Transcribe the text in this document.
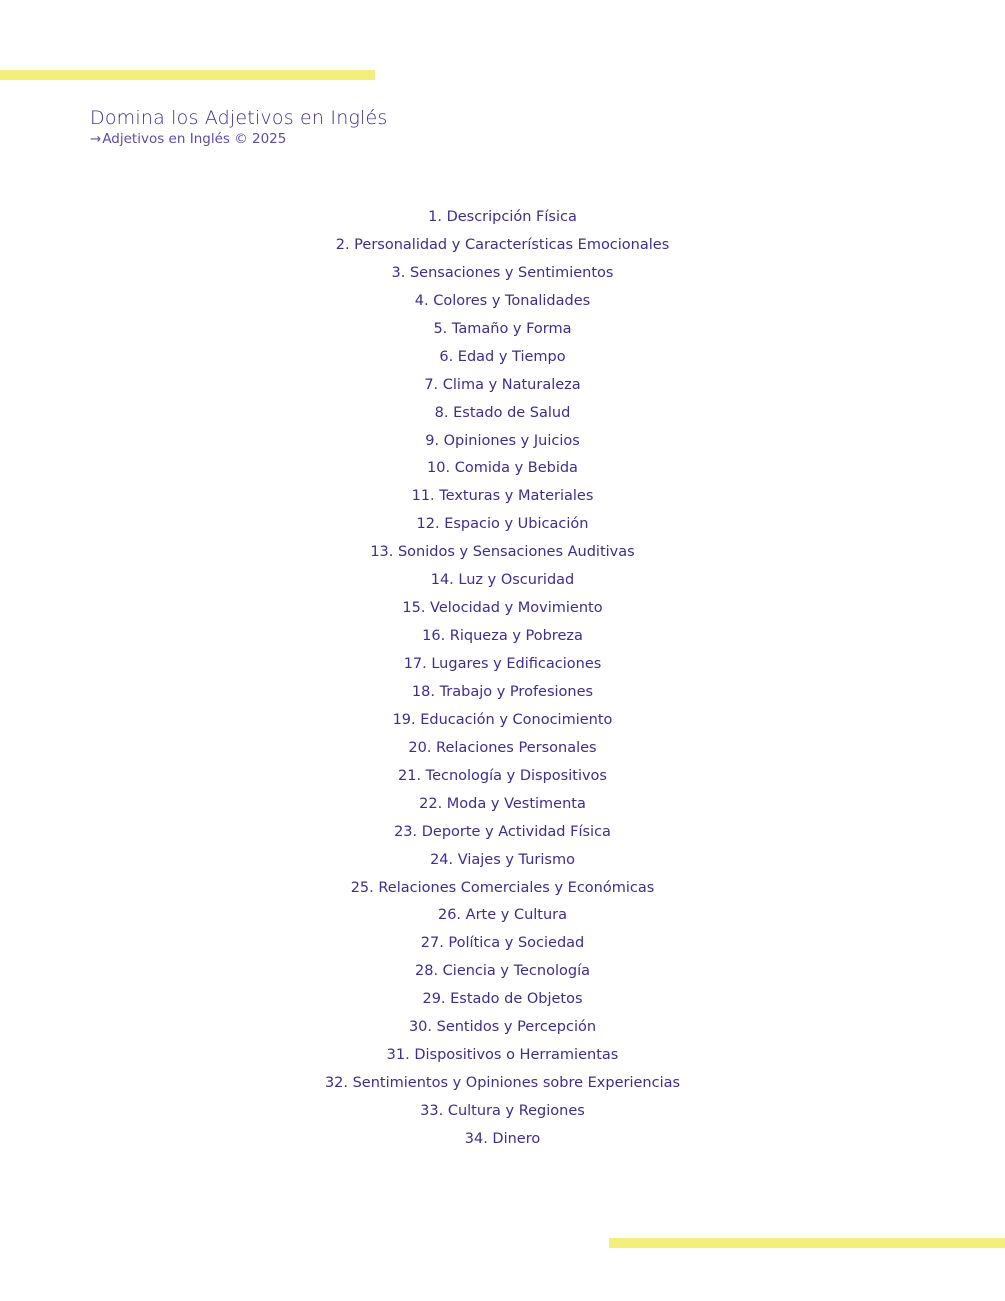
Domina los Adjetivos en Inglés
→Adjetivos en Inglés © 2025
1. Descripción Física
2. Personalidad y Características Emocionales
3. Sensaciones y Sentimientos
4. Colores y Tonalidades
5. Tamaño y Forma
6. Edad y Tiempo
7. Clima y Naturaleza
8. Estado de Salud
9. Opiniones y Juicios
10. Comida y Bebida
11. Texturas y Materiales
12. Espacio y Ubicación
13. Sonidos y Sensaciones Auditivas
14. Luz y Oscuridad
15. Velocidad y Movimiento
16. Riqueza y Pobreza
17. Lugares y Edificaciones
18. Trabajo y Profesiones
19. Educación y Conocimiento
20. Relaciones Personales
21. Tecnología y Dispositivos
22. Moda y Vestimenta
23. Deporte y Actividad Física
24. Viajes y Turismo
25. Relaciones Comerciales y Económicas
26. Arte y Cultura
27. Política y Sociedad
28. Ciencia y Tecnología
29. Estado de Objetos
30. Sentidos y Percepción
31. Dispositivos o Herramientas
32. Sentimientos y Opiniones sobre Experiencias
33. Cultura y Regiones
34. Dinero
